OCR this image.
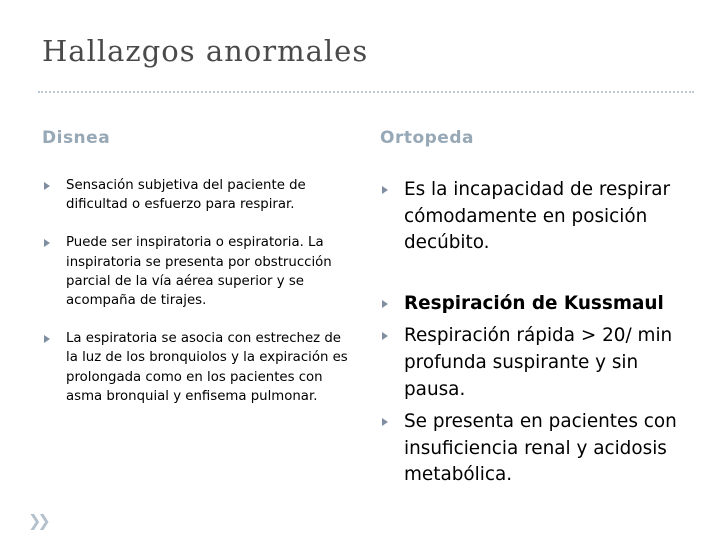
Hallazgos anormales
Disnea	Ortopeda
Sensación subjetiva del paciente de dificultad o esfuerzo para respirar.
Puede ser inspiratoria o espiratoria. La inspiratoria se presenta por obstrucción parcial de la vía aérea superior y se acompaña de tirajes.
La espiratoria se asocia con estrechez de la luz de los bronquiolos y la expiración es prolongada como en los pacientes con asma bronquial y enfisema pulmonar.
Es la incapacidad de respirar cómodamente en posición decúbito.
Respiración de Kussmaul
Respiración rápida > 20/ min profunda suspirante y sin pausa.
Se presenta en pacientes con insuficiencia renal y acidosis metabólica.
❯❯
